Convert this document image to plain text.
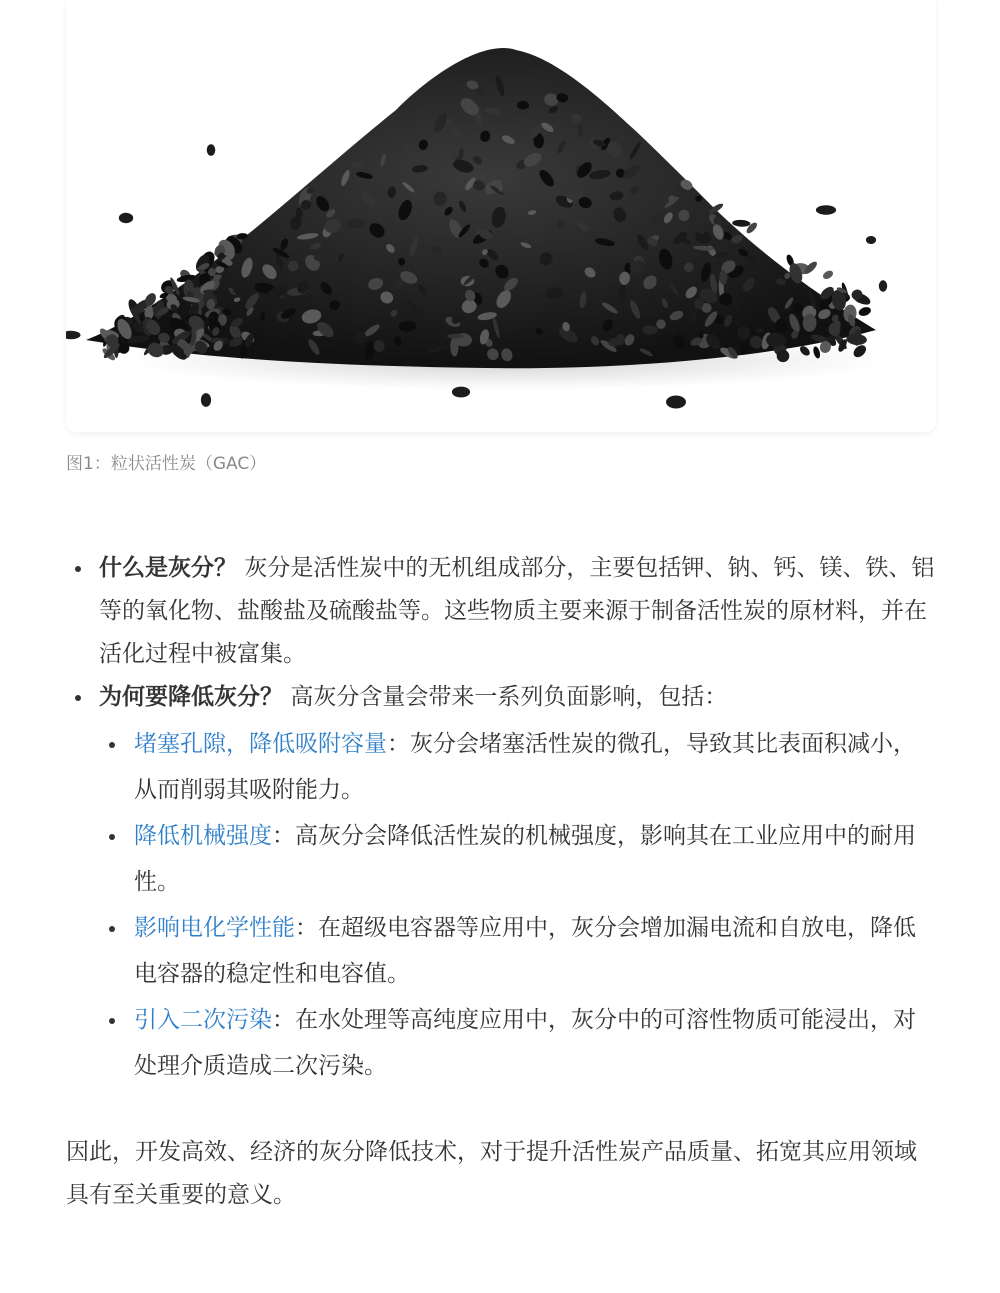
图1：粒状活性炭（GAC）
什么是灰分？ 灰分是活性炭中的无机组成部分，主要包括钾、钠、钙、镁、铁、铝等的氧化物、盐酸盐及硫酸盐等。这些物质主要来源于制备活性炭的原材料，并在活化过程中被富集。
为何要降低灰分？ 高灰分含量会带来一系列负面影响，包括：
堵塞孔隙，降低吸附容量：灰分会堵塞活性炭的微孔，导致其比表面积减小，从而削弱其吸附能力。
降低机械强度：高灰分会降低活性炭的机械强度，影响其在工业应用中的耐用性。
影响电化学性能：在超级电容器等应用中，灰分会增加漏电流和自放电，降低电容器的稳定性和电容值。
引入二次污染：在水处理等高纯度应用中，灰分中的可溶性物质可能浸出，对处理介质造成二次污染。
因此，开发高效、经济的灰分降低技术，对于提升活性炭产品质量、拓宽其应用领域具有至关重要的意义。
